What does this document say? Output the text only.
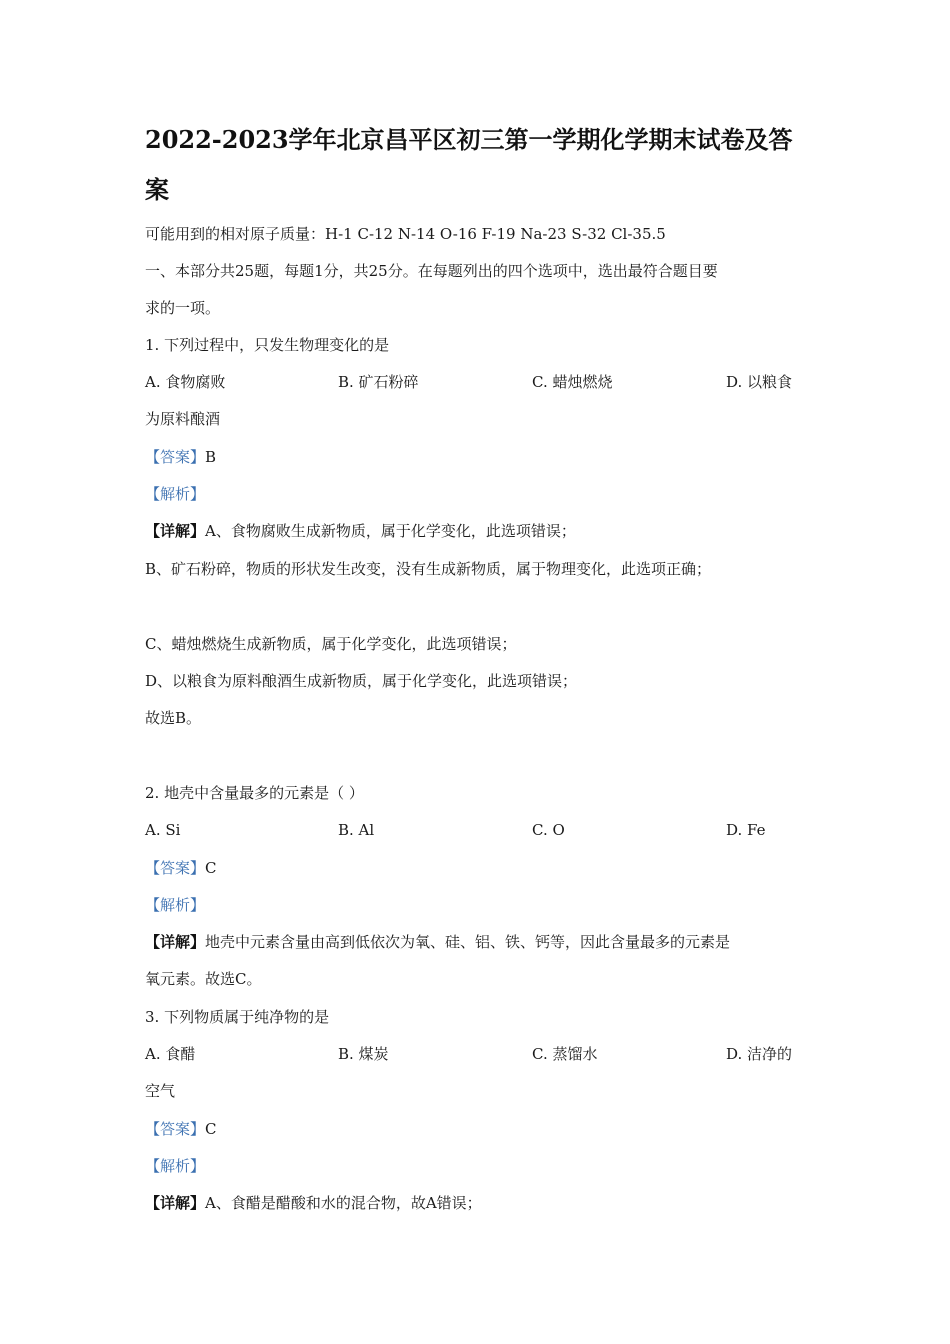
2022-2023学年北京昌平区初三第一学期化学期末试卷及答
案
可能用到的相对原子质量：H-1 C-12 N-14 O-16 F-19 Na-23 S-32 Cl-35.5
一、本部分共25题，每题1分，共25分。在每题列出的四个选项中，选出最符合题目要
求的一项。
1. 下列过程中，只发生物理变化的是
A. 食物腐败	B. 矿石粉碎	C. 蜡烛燃烧	D. 以粮食
为原料酿酒
【答案】B
【解析】
【详解】A、食物腐败生成新物质，属于化学变化，此选项错误；
B、矿石粉碎，物质的形状发生改变，没有生成新物质，属于物理变化，此选项正确；
C、蜡烛燃烧生成新物质，属于化学变化，此选项错误；
D、以粮食为原料酿酒生成新物质，属于化学变化，此选项错误；
故选B。
2. 地壳中含量最多的元素是（ ）
A. Si	B. Al	C. O	D. Fe
【答案】C
【解析】
【详解】地壳中元素含量由高到低依次为氧、硅、铝、铁、钙等，因此含量最多的元素是
氧元素。故选C。
3. 下列物质属于纯净物的是
A. 食醋	B. 煤炭	C. 蒸馏水	D. 洁净的
空气
【答案】C
【解析】
【详解】A、食醋是醋酸和水的混合物，故A错误；
